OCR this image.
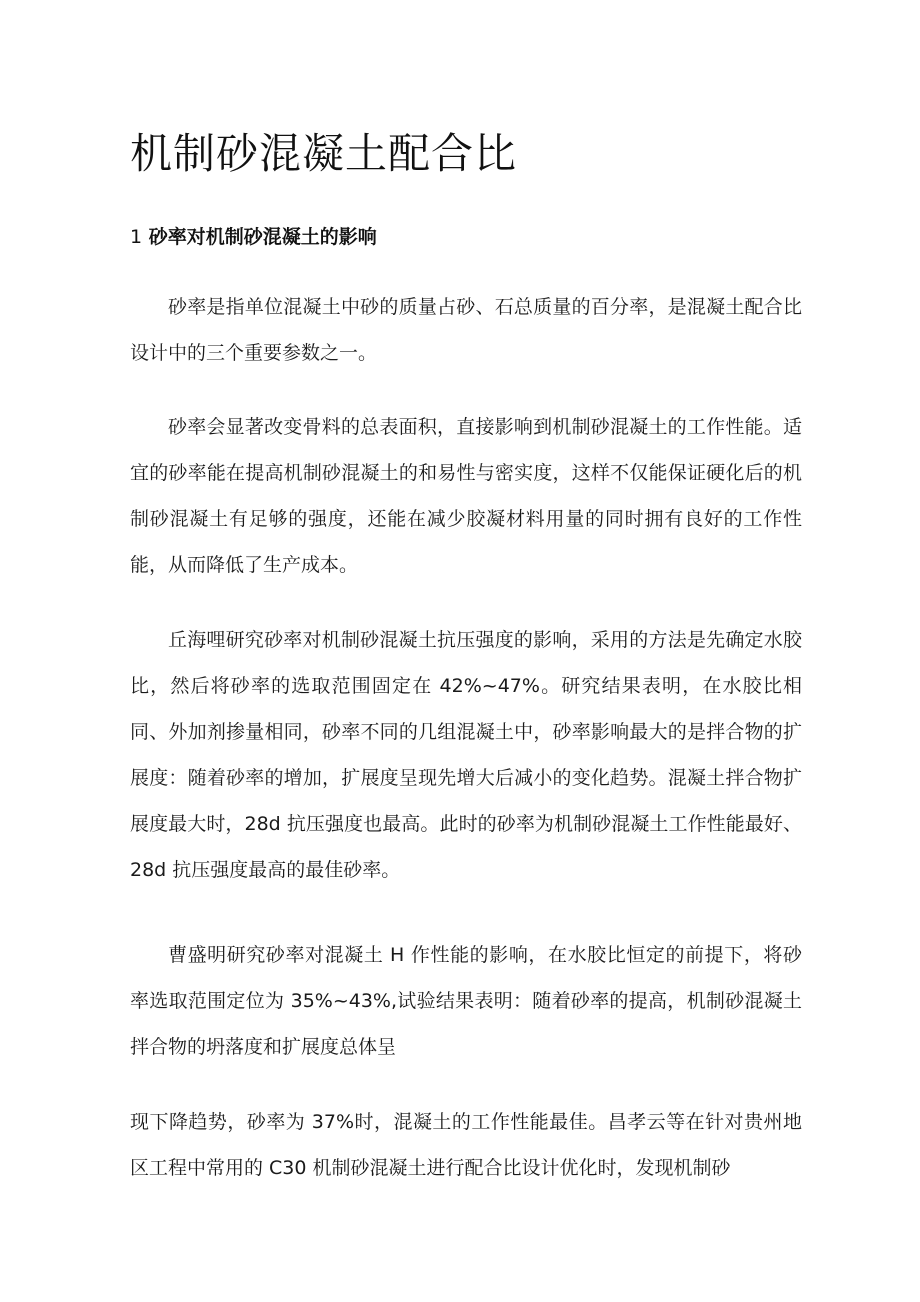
机制砂混凝土配合比
1 砂率对机制砂混凝土的影响

砂率是指单位混凝土中砂的质量占砂、石总质量的百分率，是混凝土配合比设计中的三个重要参数之一。

砂率会显著改变骨料的总表面积，直接影响到机制砂混凝土的工作性能。适宜的砂率能在提高机制砂混凝土的和易性与密实度，这样不仅能保证硬化后的机制砂混凝土有足够的强度，还能在减少胶凝材料用量的同时拥有良好的工作性能，从而降低了生产成本。

丘海哩研究砂率对机制砂混凝土抗压强度的影响，采用的方法是先确定水胶比，然后将砂率的选取范围固定在 42%~47%。研究结果表明，在水胶比相同、外加剂掺量相同，砂率不同的几组混凝土中，砂率影响最大的是拌合物的扩展度：随着砂率的增加，扩展度呈现先增大后减小的变化趋势。混凝土拌合物扩展度最大时，28d 抗压强度也最高。此时的砂率为机制砂混凝土工作性能最好、28d 抗压强度最高的最佳砂率。

曹盛明研究砂率对混凝土 H 作性能的影响，在水胶比恒定的前提下，将砂率选取范围定位为 35%~43%,试验结果表明：随着砂率的提高，机制砂混凝土拌合物的坍落度和扩展度总体呈

现下降趋势，砂率为 37%时，混凝土的工作性能最佳。昌孝云等在针对贵州地区工程中常用的 C30 机制砂混凝土进行配合比设计优化时，发现机制砂
